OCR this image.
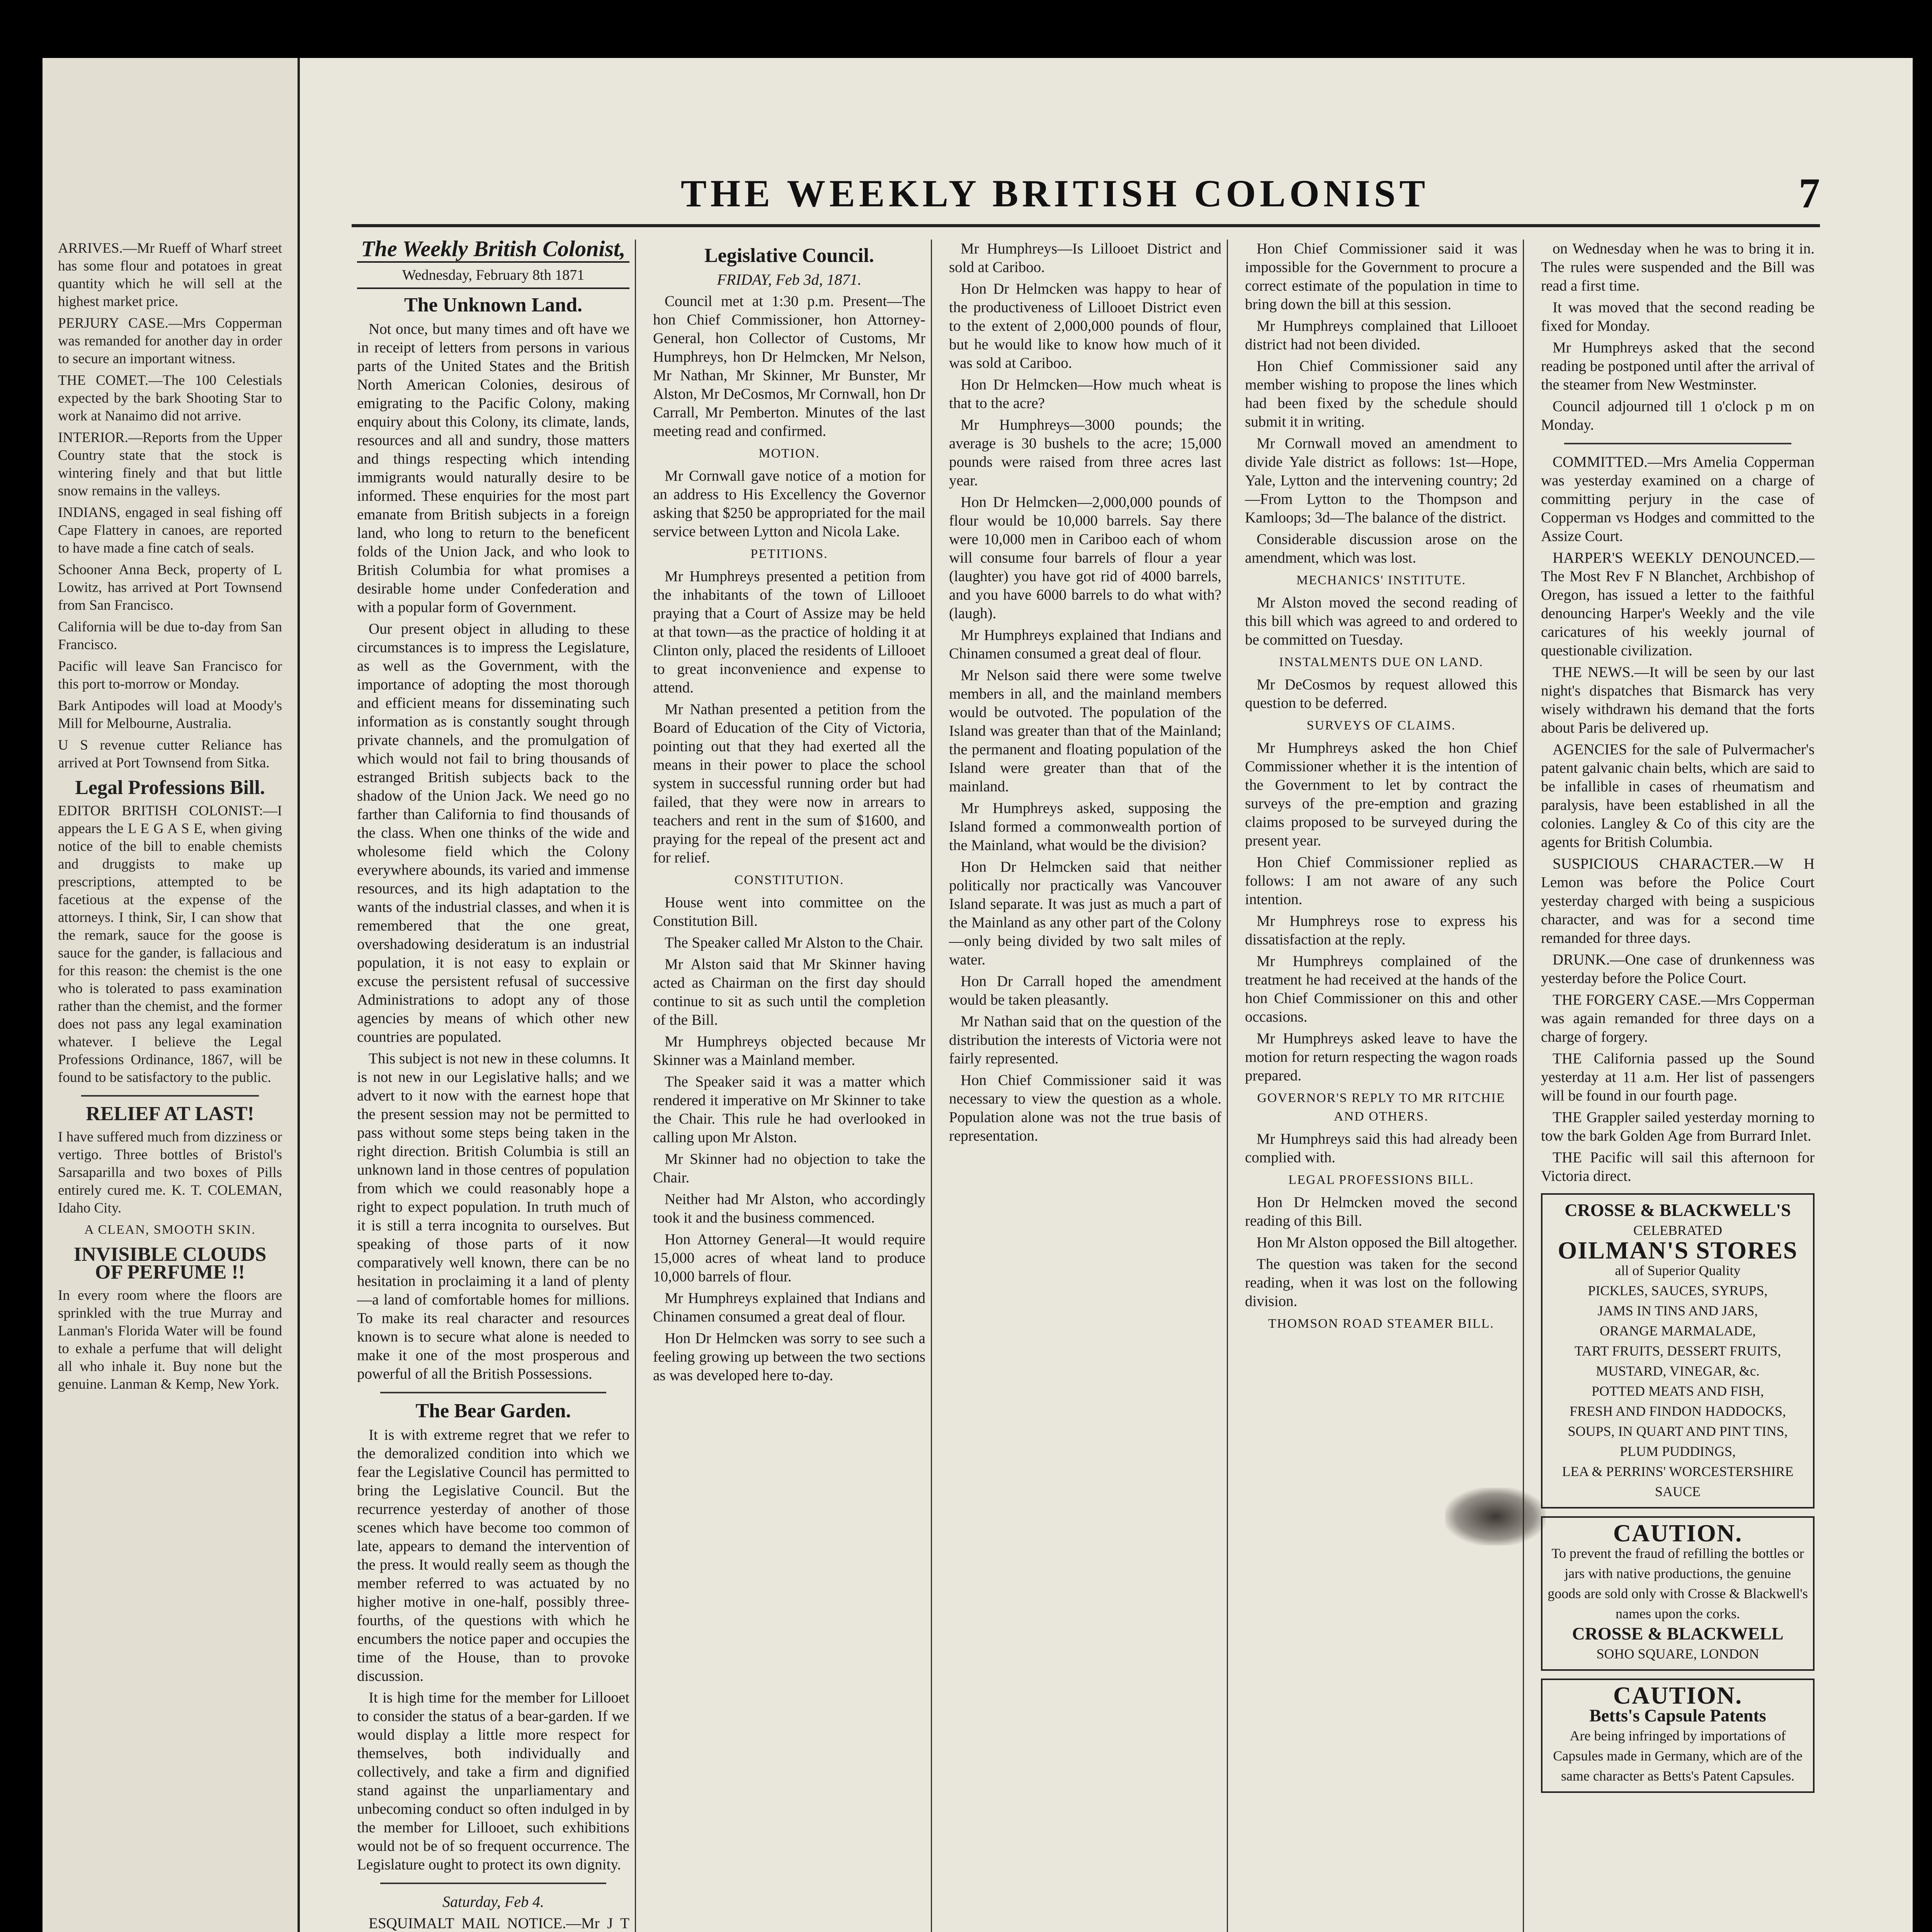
ARRIVES.—Mr Rueff of Wharf street has some flour and potatoes in great quantity which he will sell at the highest market price.

PERJURY CASE.—Mrs Copperman was remanded for another day in order to secure an important witness.

THE COMET.—The 100 Celestials expected by the bark Shooting Star to work at Nanaimo did not arrive.

INTERIOR.—Reports from the Upper Country state that the stock is wintering finely and that but little snow remains in the valleys.

INDIANS, engaged in seal fishing off Cape Flattery in canoes, are reported to have made a fine catch of seals.

Schooner Anna Beck, property of L Lowitz, has arrived at Port Townsend from San Francisco.

California will be due to-day from San Francisco.

Pacific will leave San Francisco for this port to-morrow or Monday.

Bark Antipodes will load at Moody's Mill for Melbourne, Australia.

U S revenue cutter Reliance has arrived at Port Townsend from Sitka.

Legal Professions Bill.

EDITOR BRITISH COLONIST:—I appears the L E G A S E, when giving notice of the bill to enable chemists and druggists to make up prescriptions, attempted to be facetious at the expense of the attorneys. I think, Sir, I can show that the remark, sauce for the goose is sauce for the gander, is fallacious and for this reason: the chemist is the one who is tolerated to pass examination rather than the chemist, and the former does not pass any legal examination whatever. I believe the Legal Professions Ordinance, 1867, will be found to be satisfactory to the public.

RELIEF AT LAST!

I have suffered much from dizziness or vertigo. Three bottles of Bristol's Sarsaparilla and two boxes of Pills entirely cured me. K. T. COLEMAN, Idaho City.

A CLEAN, SMOOTH SKIN.
INVISIBLE CLOUDS OF PERFUME !!

In every room where the floors are sprinkled with the true Murray and Lanman's Florida Water will be found to exhale a perfume that will delight all who inhale it. Buy none but the genuine. Lanman & Kemp, New York.

THE WEEKLY BRITISH COLONIST	7
The Weekly British Colonist,
Wednesday, February 8th 1871
The Unknown Land.

Not once, but many times and oft have we in receipt of letters from persons in various parts of the United States and the British North American Colonies, desirous of emigrating to the Pacific Colony, making enquiry about this Colony, its climate, lands, resources and all and sundry, those matters and things respecting which intending immigrants would naturally desire to be informed. These enquiries for the most part emanate from British subjects in a foreign land, who long to return to the beneficent folds of the Union Jack, and who look to British Columbia for what promises a desirable home under Confederation and with a popular form of Government.

Our present object in alluding to these circumstances is to impress the Legislature, as well as the Government, with the importance of adopting the most thorough and efficient means for disseminating such information as is constantly sought through private channels, and the promulgation of which would not fail to bring thousands of estranged British subjects back to the shadow of the Union Jack. We need go no farther than California to find thousands of the class. When one thinks of the wide and wholesome field which the Colony everywhere abounds, its varied and immense resources, and its high adaptation to the wants of the industrial classes, and when it is remembered that the one great, overshadowing desideratum is an industrial population, it is not easy to explain or excuse the persistent refusal of successive Administrations to adopt any of those agencies by means of which other new countries are populated.

This subject is not new in these columns. It is not new in our Legislative halls; and we advert to it now with the earnest hope that the present session may not be permitted to pass without some steps being taken in the right direction. British Columbia is still an unknown land in those centres of population from which we could reasonably hope a right to expect population. In truth much of it is still a terra incognita to ourselves. But speaking of those parts of it now comparatively well known, there can be no hesitation in proclaiming it a land of plenty—a land of comfortable homes for millions. To make its real character and resources known is to secure what alone is needed to make it one of the most prosperous and powerful of all the British Possessions.

The Bear Garden.

It is with extreme regret that we refer to the demoralized condition into which we fear the Legislative Council has permitted to bring the Legislative Council. But the recurrence yesterday of another of those scenes which have become too common of late, appears to demand the intervention of the press. It would really seem as though the member referred to was actuated by no higher motive in one-half, possibly three-fourths, of the questions with which he encumbers the notice paper and occupies the time of the House, than to provoke discussion.

It is high time for the member for Lillooet to consider the status of a bear-garden. If we would display a little more respect for themselves, both individually and collectively, and take a firm and dignified stand against the unparliamentary and unbecoming conduct so often indulged in by the member for Lillooet, such exhibitions would not be of so frequent occurrence. The Legislature ought to protect its own dignity.

Saturday, Feb 4.

ESQUIMALT MAIL NOTICE.—Mr J T

Legislative Council.
FRIDAY, Feb 3d, 1871.

Council met at 1:30 p.m. Present—The hon Chief Commissioner, hon Attorney-General, hon Collector of Customs, Mr Humphreys, hon Dr Helmcken, Mr Nelson, Mr Nathan, Mr Skinner, Mr Bunster, Mr Alston, Mr DeCosmos, Mr Cornwall, hon Dr Carrall, Mr Pemberton. Minutes of the last meeting read and confirmed.

MOTION.

Mr Cornwall gave notice of a motion for an address to His Excellency the Governor asking that $250 be appropriated for the mail service between Lytton and Nicola Lake.

PETITIONS.

Mr Humphreys presented a petition from the inhabitants of the town of Lillooet praying that a Court of Assize may be held at that town—as the practice of holding it at Clinton only, placed the residents of Lillooet to great inconvenience and expense to attend.

Mr Nathan presented a petition from the Board of Education of the City of Victoria, pointing out that they had exerted all the means in their power to place the school system in successful running order but had failed, that they were now in arrears to teachers and rent in the sum of $1600, and praying for the repeal of the present act and for relief.

CONSTITUTION.

House went into committee on the Constitution Bill.

The Speaker called Mr Alston to the Chair.

Mr Alston said that Mr Skinner having acted as Chairman on the first day should continue to sit as such until the completion of the Bill.

Mr Humphreys objected because Mr Skinner was a Mainland member.

The Speaker said it was a matter which rendered it imperative on Mr Skinner to take the Chair. This rule he had overlooked in calling upon Mr Alston.

Mr Skinner had no objection to take the Chair.

Neither had Mr Alston, who accordingly took it and the business commenced.

Hon Attorney General—It would require 15,000 acres of wheat land to produce 10,000 barrels of flour.

Mr Humphreys explained that Indians and Chinamen consumed a great deal of flour.

Hon Dr Helmcken was sorry to see such a feeling growing up between the two sections as was developed here to-day.

Mr Humphreys—Is Lillooet District and sold at Cariboo.

Hon Dr Helmcken was happy to hear of the productiveness of Lillooet District even to the extent of 2,000,000 pounds of flour, but he would like to know how much of it was sold at Cariboo.

Hon Dr Helmcken—How much wheat is that to the acre?

Mr Humphreys—3000 pounds; the average is 30 bushels to the acre; 15,000 pounds were raised from three acres last year.

Hon Dr Helmcken—2,000,000 pounds of flour would be 10,000 barrels. Say there were 10,000 men in Cariboo each of whom will consume four barrels of flour a year (laughter) you have got rid of 4000 barrels, and you have 6000 barrels to do what with? (laugh).

Mr Humphreys explained that Indians and Chinamen consumed a great deal of flour.

Mr Nelson said there were some twelve members in all, and the mainland members would be outvoted. The population of the Island was greater than that of the Mainland; the permanent and floating population of the Island were greater than that of the mainland.

Mr Humphreys asked, supposing the Island formed a commonwealth portion of the Mainland, what would be the division?

Hon Dr Helmcken said that neither politically nor practically was Vancouver Island separate. It was just as much a part of the Mainland as any other part of the Colony—only being divided by two salt miles of water.

Hon Dr Carrall hoped the amendment would be taken pleasantly.

Mr Nathan said that on the question of the distribution the interests of Victoria were not fairly represented.

Hon Chief Commissioner said it was necessary to view the question as a whole. Population alone was not the true basis of representation.

Hon Chief Commissioner said it was impossible for the Government to procure a correct estimate of the population in time to bring down the bill at this session.

Mr Humphreys complained that Lillooet district had not been divided.

Hon Chief Commissioner said any member wishing to propose the lines which had been fixed by the schedule should submit it in writing.

Mr Cornwall moved an amendment to divide Yale district as follows: 1st—Hope, Yale, Lytton and the intervening country; 2d—From Lytton to the Thompson and Kamloops; 3d—The balance of the district.

Considerable discussion arose on the amendment, which was lost.

MECHANICS' INSTITUTE.

Mr Alston moved the second reading of this bill which was agreed to and ordered to be committed on Tuesday.

INSTALMENTS DUE ON LAND.

Mr DeCosmos by request allowed this question to be deferred.

SURVEYS OF CLAIMS.

Mr Humphreys asked the hon Chief Commissioner whether it is the intention of the Government to let by contract the surveys of the pre-emption and grazing claims proposed to be surveyed during the present year.

Hon Chief Commissioner replied as follows: I am not aware of any such intention.

Mr Humphreys rose to express his dissatisfaction at the reply.

Mr Humphreys complained of the treatment he had received at the hands of the hon Chief Commissioner on this and other occasions.

Mr Humphreys asked leave to have the motion for return respecting the wagon roads prepared.

GOVERNOR'S REPLY TO MR RITCHIE AND OTHERS.

Mr Humphreys said this had already been complied with.

LEGAL PROFESSIONS BILL.

Hon Dr Helmcken moved the second reading of this Bill.

Hon Mr Alston opposed the Bill altogether.

The question was taken for the second reading, when it was lost on the following division.

THOMSON ROAD STEAMER BILL.

on Wednesday when he was to bring it in. The rules were suspended and the Bill was read a first time.

It was moved that the second reading be fixed for Monday.

Mr Humphreys asked that the second reading be postponed until after the arrival of the steamer from New Westminster.

Council adjourned till 1 o'clock p m on Monday.

COMMITTED.—Mrs Amelia Copperman was yesterday examined on a charge of committing perjury in the case of Copperman vs Hodges and committed to the Assize Court.

HARPER'S WEEKLY DENOUNCED.—The Most Rev F N Blanchet, Archbishop of Oregon, has issued a letter to the faithful denouncing Harper's Weekly and the vile caricatures of his weekly journal of questionable civilization.

THE NEWS.—It will be seen by our last night's dispatches that Bismarck has very wisely withdrawn his demand that the forts about Paris be delivered up.

AGENCIES for the sale of Pulvermacher's patent galvanic chain belts, which are said to be infallible in cases of rheumatism and paralysis, have been established in all the colonies. Langley & Co of this city are the agents for British Columbia.

SUSPICIOUS CHARACTER.—W H Lemon was before the Police Court yesterday charged with being a suspicious character, and was for a second time remanded for three days.

DRUNK.—One case of drunkenness was yesterday before the Police Court.

THE FORGERY CASE.—Mrs Copperman was again remanded for three days on a charge of forgery.

THE California passed up the Sound yesterday at 11 a.m. Her list of passengers will be found in our fourth page.

THE Grappler sailed yesterday morning to tow the bark Golden Age from Burrard Inlet.

THE Pacific will sail this afternoon for Victoria direct.

CROSSE & BLACKWELL'S
CELEBRATED
OILMAN'S STORES
all of Superior Quality
PICKLES, SAUCES, SYRUPS,
JAMS IN TINS AND JARS,
ORANGE MARMALADE,
TART FRUITS, DESSERT FRUITS,
MUSTARD, VINEGAR, &c.
POTTED MEATS AND FISH,
FRESH AND FINDON HADDOCKS,
SOUPS, IN QUART AND PINT TINS,
PLUM PUDDINGS,
LEA & PERRINS' WORCESTERSHIRE SAUCE
CAUTION.
To prevent the fraud of refilling the bottles or jars with native productions, the genuine goods are sold only with Crosse & Blackwell's names upon the corks.
CROSSE & BLACKWELL
SOHO SQUARE, LONDON
CAUTION.
Betts's Capsule Patents
Are being infringed by importations of Capsules made in Germany, which are of the same character as Betts's Patent Capsules.
